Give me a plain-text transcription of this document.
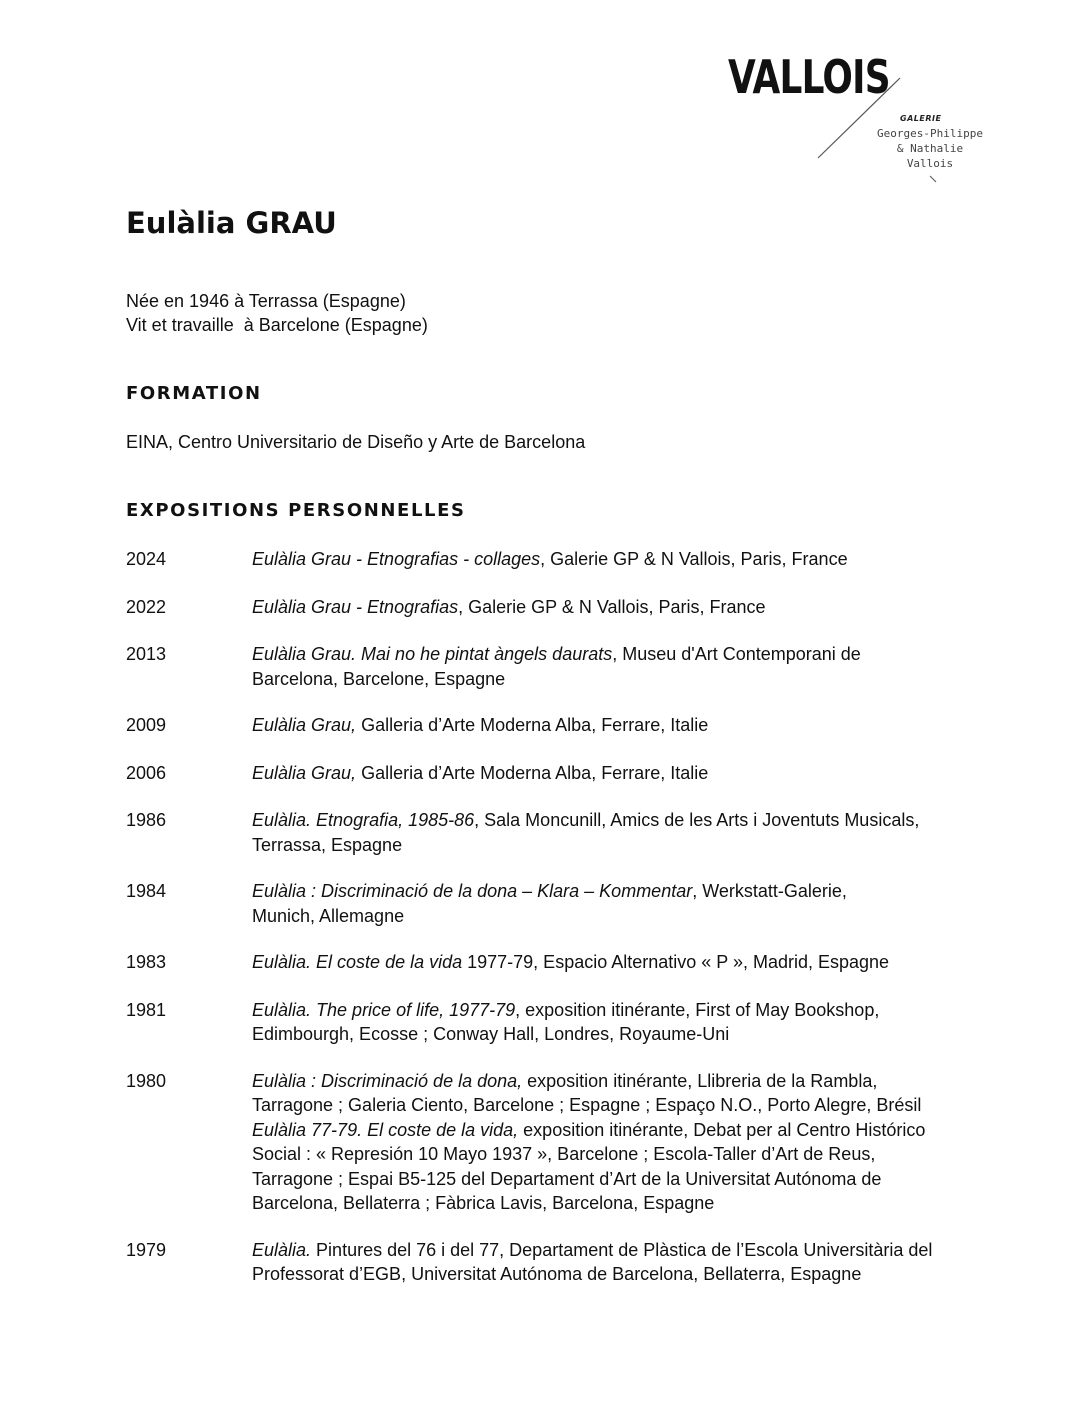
VALLOIS
GALERIE
Georges-Philippe
& Nathalie
Vallois
Eulàlia GRAU
Née en 1946 à Terrassa (Espagne)
Vit et travaille  à Barcelone (Espagne)
FORMATION
EINA, Centro Universitario de Diseño y Arte de Barcelona
EXPOSITIONS PERSONNELLES
2024	Eulàlia Grau - Etnografias - collages, Galerie GP & N Vallois, Paris, France
2022	Eulàlia Grau - Etnografias, Galerie GP & N Vallois, Paris, France
2013	Eulàlia Grau. Mai no he pintat àngels daurats, Museu d'Art Contemporani de
Barcelona, Barcelone, Espagne
2009	Eulàlia Grau, Galleria d’Arte Moderna Alba, Ferrare, Italie
2006	Eulàlia Grau, Galleria d’Arte Moderna Alba, Ferrare, Italie
1986	Eulàlia. Etnografia, 1985-86, Sala Moncunill, Amics de les Arts i Joventuts Musicals,
Terrassa, Espagne
1984	Eulàlia : Discriminació de la dona – Klara – Kommentar, Werkstatt-Galerie,
Munich, Allemagne
1983	Eulàlia. El coste de la vida 1977-79, Espacio Alternativo « P », Madrid, Espagne
1981	Eulàlia. The price of life, 1977-79, exposition itinérante, First of May Bookshop,
Edimbourgh, Ecosse ; Conway Hall, Londres, Royaume-Uni
1980	Eulàlia : Discriminació de la dona, exposition itinérante, Llibreria de la Rambla,
Tarragone ; Galeria Ciento, Barcelone ; Espagne ; Espaço N.O., Porto Alegre, Brésil
Eulàlia 77-79. El coste de la vida, exposition itinérante, Debat per al Centro Histórico
Social : « Represión 10 Mayo 1937 », Barcelone ; Escola-Taller d’Art de Reus,
Tarragone ; Espai B5-125 del Departament d’Art de la Universitat Autónoma de
Barcelona, Bellaterra ; Fàbrica Lavis, Barcelona, Espagne
1979	Eulàlia. Pintures del 76 i del 77, Departament de Plàstica de l’Escola Universitària del
Professorat d’EGB, Universitat Autónoma de Barcelona, Bellaterra, Espagne
